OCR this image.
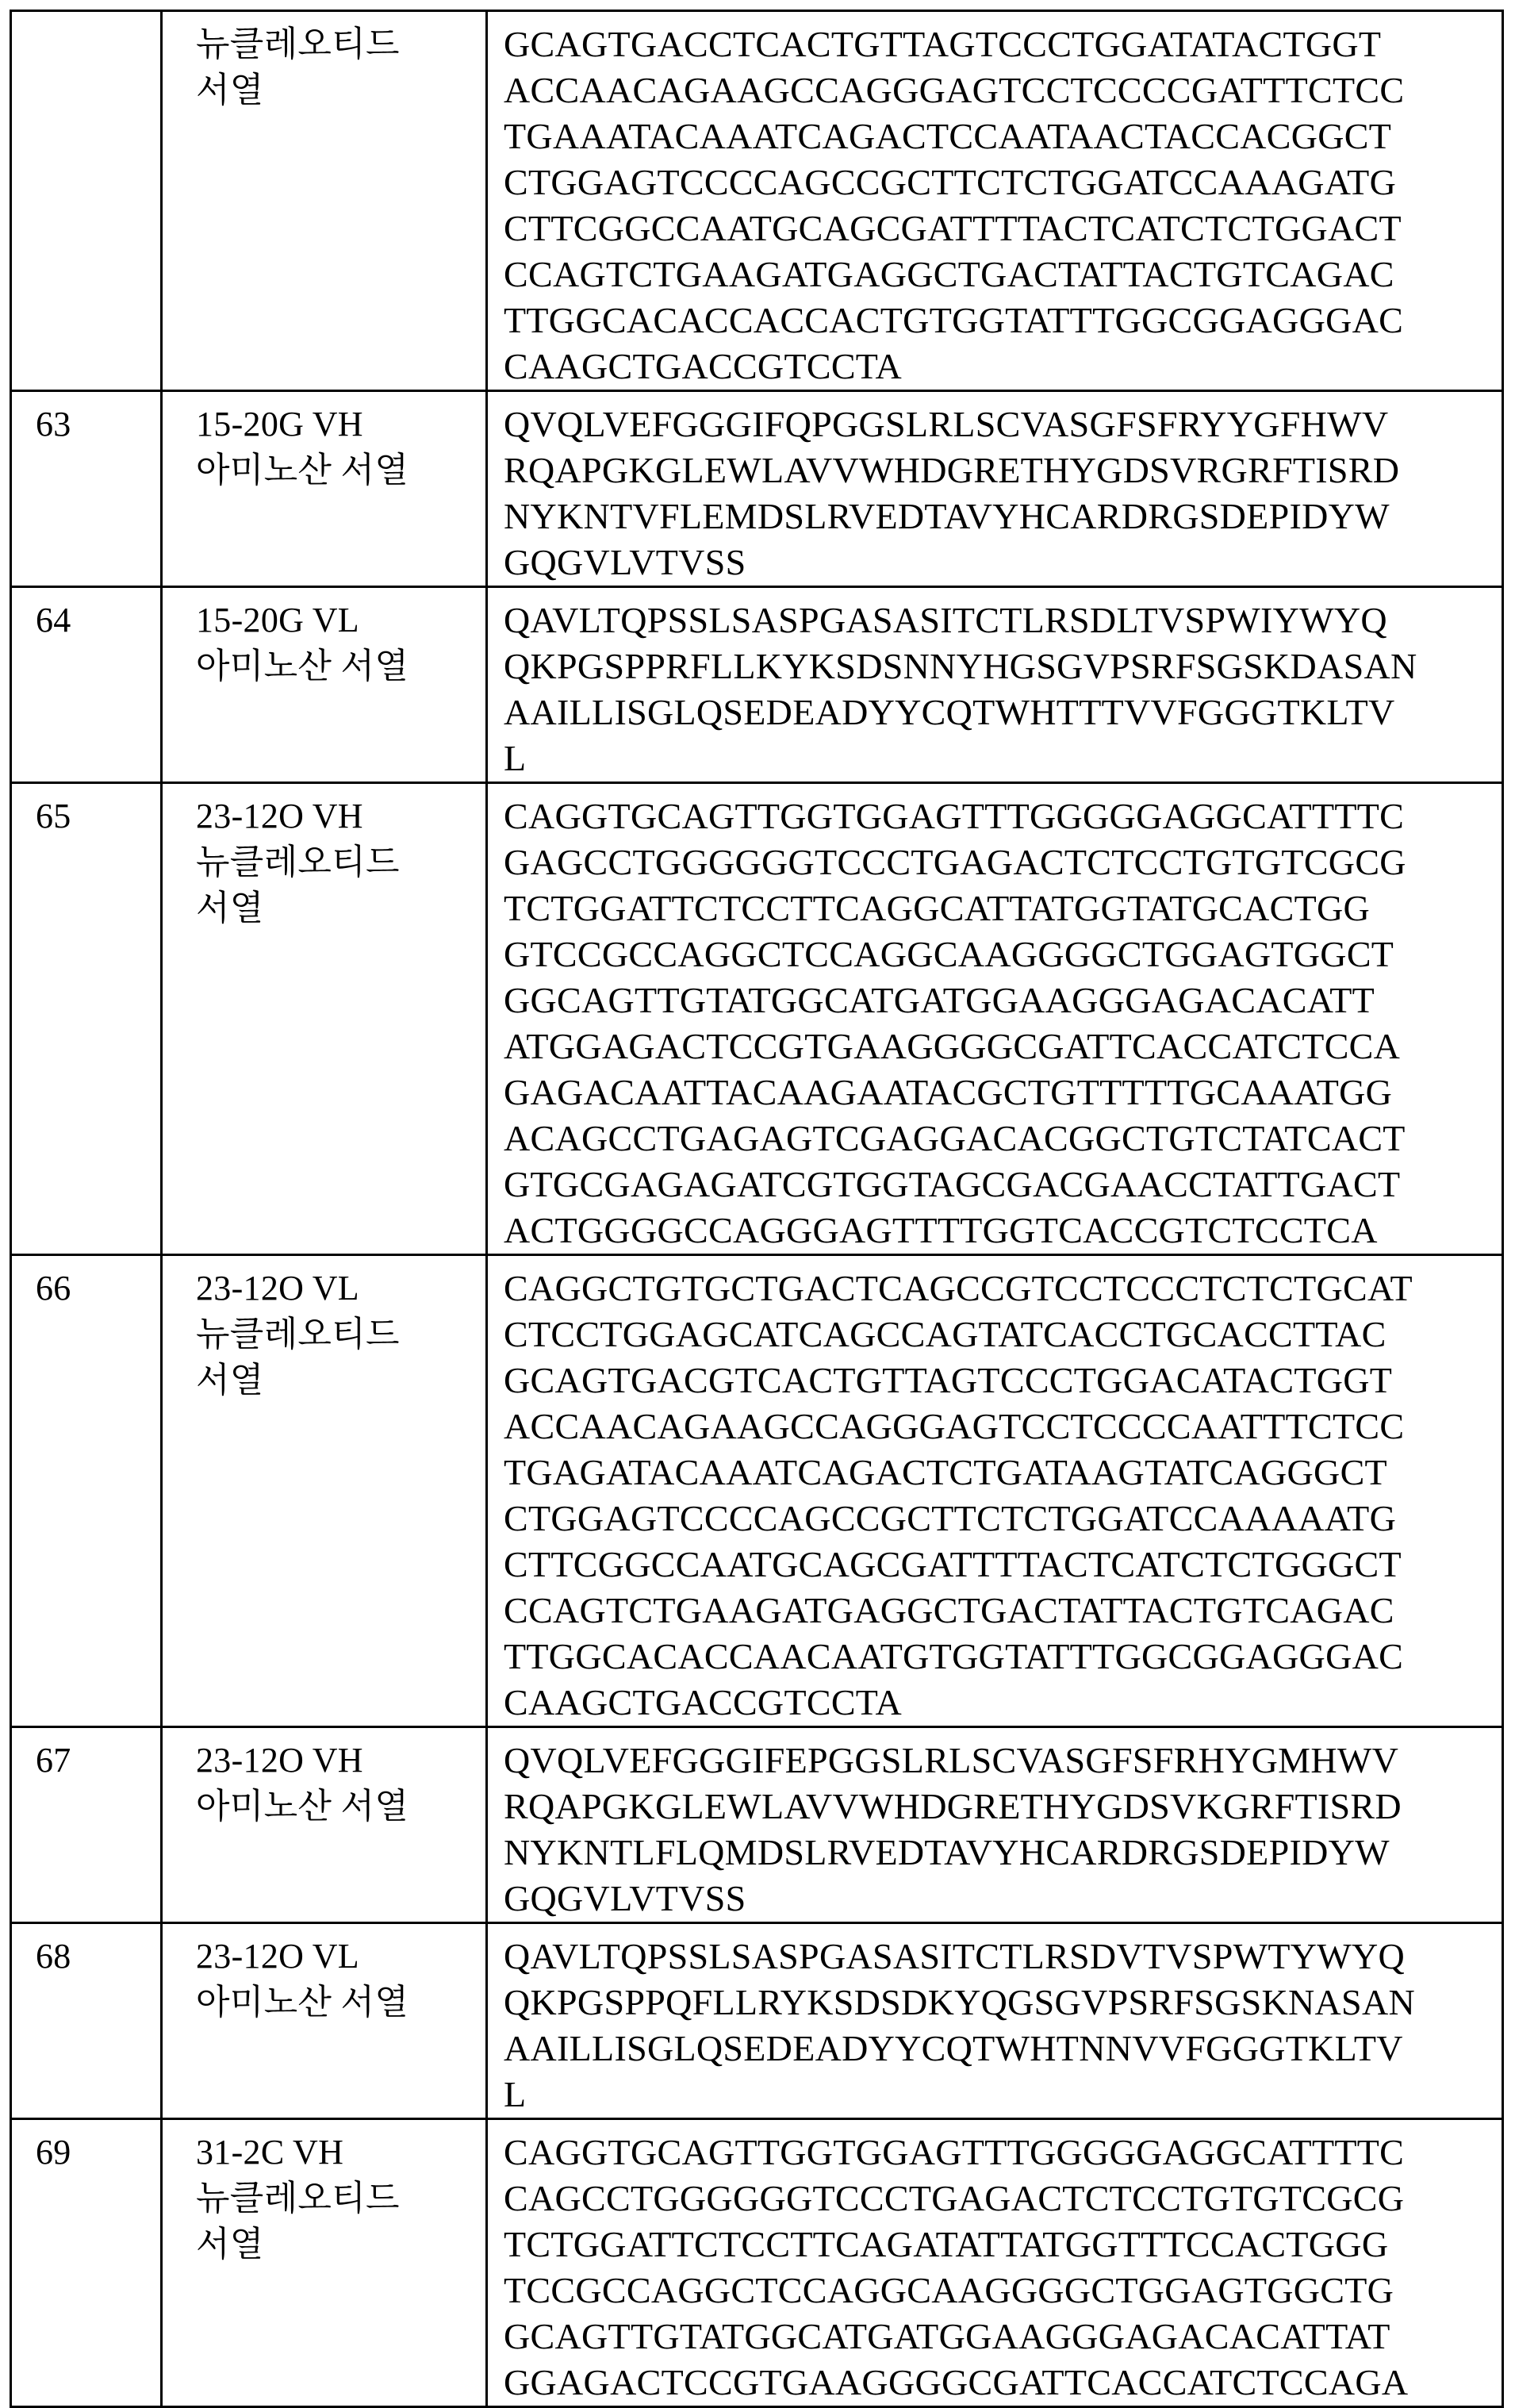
뉴클레오티드
서열

GCAGTGACCTCACTGTTAGTCCCTGGATATACTGGT
ACCAACAGAAGCCAGGGAGTCCTCCCCGATTTCTCC
TGAAATACAAATCAGACTCCAATAACTACCACGGCT
CTGGAGTCCCCAGCCGCTTCTCTGGATCCAAAGATG
CTTCGGCCAATGCAGCGATTTTACTCATCTCTGGACT
CCAGTCTGAAGATGAGGCTGACTATTACTGTCAGAC
TTGGCACACCACCACTGTGGTATTTGGCGGAGGGAC
CAAGCTGACCGTCCTA

63	15-20G VH
아미노산 서열

QVQLVEFGGGIFQPGGSLRLSCVASGFSFRYYGFHWV
RQAPGKGLEWLAVVWHDGRETHYGDSVRGRFTISRD
NYKNTVFLEMDSLRVEDTAVYHCARDRGSDEPIDYW
GQGVLVTVSS

64	15-20G VL
아미노산 서열

QAVLTQPSSLSASPGASASITCTLRSDLTVSPWIYWYQ
QKPGSPPRFLLKYKSDSNNYHGSGVPSRFSGSKDASAN
AAILLISGLQSEDEADYYCQTWHTTTVVFGGGTKLTV
L

65	23-12O VH
뉴클레오티드
서열

CAGGTGCAGTTGGTGGAGTTTGGGGGAGGCATTTTC
GAGCCTGGGGGGTCCCTGAGACTCTCCTGTGTCGCG
TCTGGATTCTCCTTCAGGCATTATGGTATGCACTGG
GTCCGCCAGGCTCCAGGCAAGGGGCTGGAGTGGCT
GGCAGTTGTATGGCATGATGGAAGGGAGACACATT
ATGGAGACTCCGTGAAGGGGCGATTCACCATCTCCA
GAGACAATTACAAGAATACGCTGTTTTTGCAAATGG
ACAGCCTGAGAGTCGAGGACACGGCTGTCTATCACT
GTGCGAGAGATCGTGGTAGCGACGAACCTATTGACT
ACTGGGGCCAGGGAGTTTTGGTCACCGTCTCCTCA

66	23-12O VL
뉴클레오티드
서열

CAGGCTGTGCTGACTCAGCCGTCCTCCCTCTCTGCAT
CTCCTGGAGCATCAGCCAGTATCACCTGCACCTTAC
GCAGTGACGTCACTGTTAGTCCCTGGACATACTGGT
ACCAACAGAAGCCAGGGAGTCCTCCCCAATTTCTCC
TGAGATACAAATCAGACTCTGATAAGTATCAGGGCT
CTGGAGTCCCCAGCCGCTTCTCTGGATCCAAAAATG
CTTCGGCCAATGCAGCGATTTTACTCATCTCTGGGCT
CCAGTCTGAAGATGAGGCTGACTATTACTGTCAGAC
TTGGCACACCAACAATGTGGTATTTGGCGGAGGGAC
CAAGCTGACCGTCCTA

67	23-12O VH
아미노산 서열

QVQLVEFGGGIFEPGGSLRLSCVASGFSFRHYGMHWV
RQAPGKGLEWLAVVWHDGRETHYGDSVKGRFTISRD
NYKNTLFLQMDSLRVEDTAVYHCARDRGSDEPIDYW
GQGVLVTVSS

68	23-12O VL
아미노산 서열

QAVLTQPSSLSASPGASASITCTLRSDVTVSPWTYWYQ
QKPGSPPQFLLRYKSDSDKYQGSGVPSRFSGSKNASAN
AAILLISGLQSEDEADYYCQTWHTNNVVFGGGTKLTV
L

69	31-2C VH
뉴클레오티드
서열

CAGGTGCAGTTGGTGGAGTTTGGGGGAGGCATTTTC
CAGCCTGGGGGGTCCCTGAGACTCTCCTGTGTCGCG
TCTGGATTCTCCTTCAGATATTATGGTTTCCACTGGG
TCCGCCAGGCTCCAGGCAAGGGGCTGGAGTGGCTG
GCAGTTGTATGGCATGATGGAAGGGAGACACATTAT
GGAGACTCCGTGAAGGGGCGATTCACCATCTCCAGA
